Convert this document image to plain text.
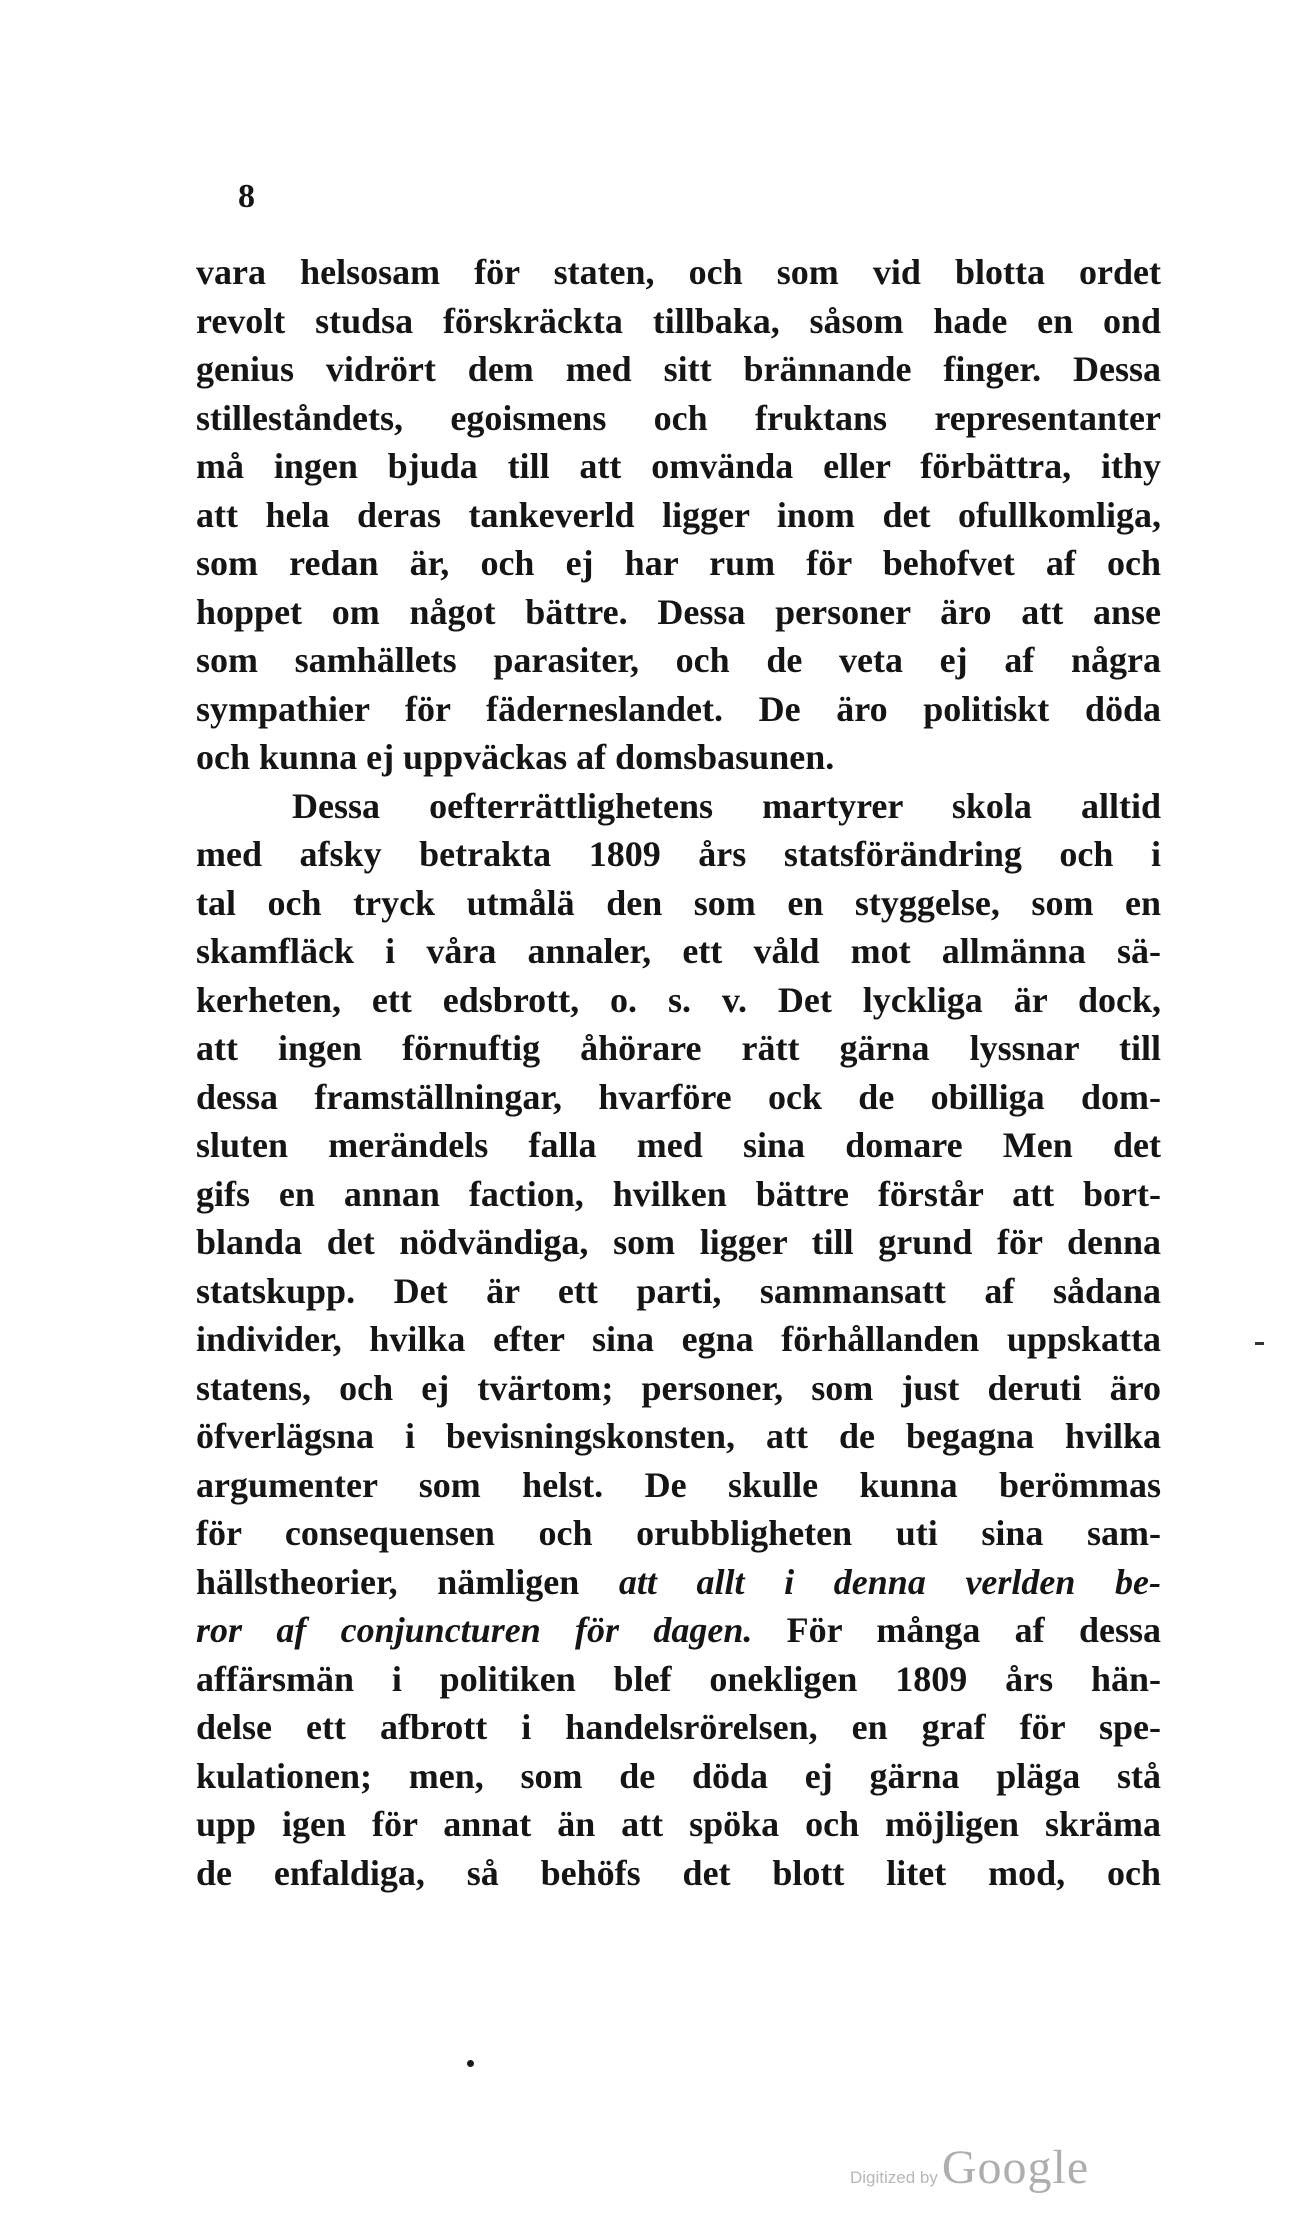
8
vara helsosam för staten, och som vid blotta ordet
revolt studsa förskräckta tillbaka, såsom hade en ond
genius vidrört dem med sitt brännande finger. Dessa
stilleståndets, egoismens och fruktans representanter
må ingen bjuda till att omvända eller förbättra, ithy
att hela deras tankeverld ligger inom det ofullkomliga,
som redan är, och ej har rum för behofvet af och
hoppet om något bättre. Dessa personer äro att anse
som samhällets parasiter, och de veta ej af några
sympathier för fäderneslandet. De äro politiskt döda
och kunna ej uppväckas af domsbasunen.
Dessa oefterrättlighetens martyrer skola alltid
med afsky betrakta 1809 års statsförändring och i
tal och tryck utmålä den som en styggelse, som en
skamfläck i våra annaler, ett våld mot allmänna sä-
kerheten, ett edsbrott, o. s. v. Det lyckliga är dock,
att ingen förnuftig åhörare rätt gärna lyssnar till
dessa framställningar, hvarföre ock de obilliga dom-
sluten merändels falla med sina domare Men det
gifs en annan faction, hvilken bättre förstår att bort-
blanda det nödvändiga, som ligger till grund för denna
statskupp. Det är ett parti, sammansatt af sådana
individer, hvilka efter sina egna förhållanden uppskatta
statens, och ej tvärtom; personer, som just deruti äro
öfverlägsna i bevisningskonsten, att de begagna hvilka
argumenter som helst. De skulle kunna berömmas
för consequensen och orubbligheten uti sina sam-
hällstheorier, nämligen att allt i denna verlden be-
ror af conjuncturen för dagen. För många af dessa
affärsmän i politiken blef onekligen 1809 års hän-
delse ett afbrott i handelsrörelsen, en graf för spe-
kulationen; men, som de döda ej gärna pläga stå
upp igen för annat än att spöka och möjligen skräma
de enfaldiga, så behöfs det blott litet mod, och
Digitized by Google
